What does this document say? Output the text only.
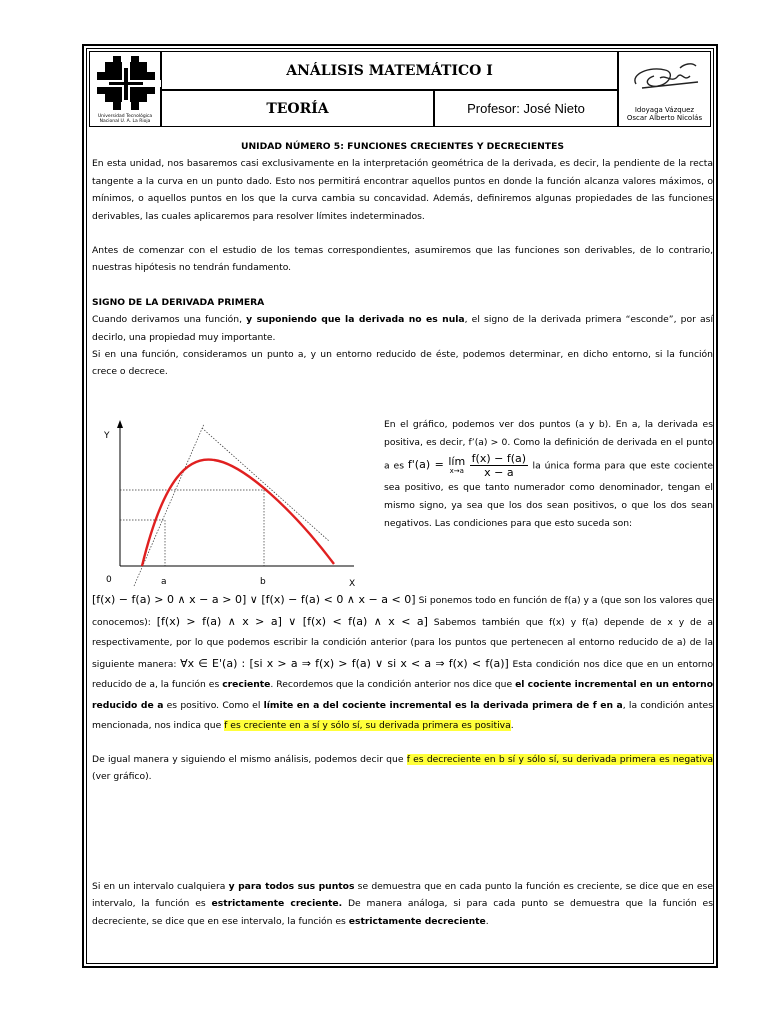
Universidad Tecnológica
Nacional U. A. La Rioja
ANÁLISIS MATEMÁTICO I
TEORÍA	Profesor: José Nieto	Idoyaga Vázquez
Oscar Alberto Nicolás

UNIDAD NÚMERO 5: FUNCIONES CRECIENTES Y DECRECIENTES

En esta unidad, nos basaremos casi exclusivamente en la interpretación geométrica de la derivada, es decir, la pendiente de la recta tangente a la curva en un punto dado. Esto nos permitirá encontrar aquellos puntos en donde la función alcanza valores máximos, o mínimos, o aquellos puntos en los que la curva cambia su concavidad. Además, definiremos algunas propiedades de las funciones derivables, las cuales aplicaremos para resolver límites indeterminados.

Antes de comenzar con el estudio de los temas correspondientes, asumiremos que las funciones son derivables, de lo contrario, nuestras hipótesis no tendrán fundamento.

SIGNO DE LA DERIVADA PRIMERA

Cuando derivamos una función, y suponiendo que la derivada no es nula, el signo de la derivada primera “esconde”, por así decirlo, una propiedad muy importante.

Si en una función, consideramos un punto a, y un entorno reducido de éste, podemos determinar, en dicho entorno, si la función crece o decrece.

Y
X
0	a	b
En el gráfico, podemos ver dos puntos (a y b). En a, la derivada es positiva, es decir, f’(a) > 0. Como la definición de derivada en el punto a es f'(a) = lím
x→a
$\frac{f(x) - f(a)}{x - a}$ la única forma para que este cociente sea positivo, es que tanto numerador como denominador, tengan el mismo signo, ya sea que los dos sean positivos, o que los dos sean negativos. Las condiciones para que esto suceda son:

[f(x) − f(a) > 0 ∧ x − a > 0] ∨ [f(x) − f(a) < 0 ∧ x − a < 0] Si ponemos todo en función de f(a) y a (que son los valores que conocemos): [f(x) > f(a) ∧ x > a] ∨ [f(x) < f(a) ∧ x < a] Sabemos también que f(x) y f(a) depende de x y de a respectivamente, por lo que podemos escribir la condición anterior (para los puntos que pertenecen al entorno reducido de a) de la siguiente manera: ∀x ∈ E'(a) : [si x > a ⇒ f(x) > f(a) ∨ si x < a ⇒ f(x) < f(a)] Esta condición nos dice que en un entorno reducido de a, la función es creciente. Recordemos que la condición anterior nos dice que el cociente incremental en un entorno reducido de a es positivo. Como el límite en a del cociente incremental es la derivada primera de f en a, la condición antes mencionada, nos indica que f es creciente en a sí y sólo sí, su derivada primera es positiva.

De igual manera y siguiendo el mismo análisis, podemos decir que f es decreciente en b sí y sólo sí, su derivada primera es negativa (ver gráfico).

Si en un intervalo cualquiera y para todos sus puntos se demuestra que en cada punto la función es creciente, se dice que en ese intervalo, la función es estrictamente creciente. De manera análoga, si para cada punto se demuestra que la función es decreciente, se dice que en ese intervalo, la función es estrictamente decreciente.
